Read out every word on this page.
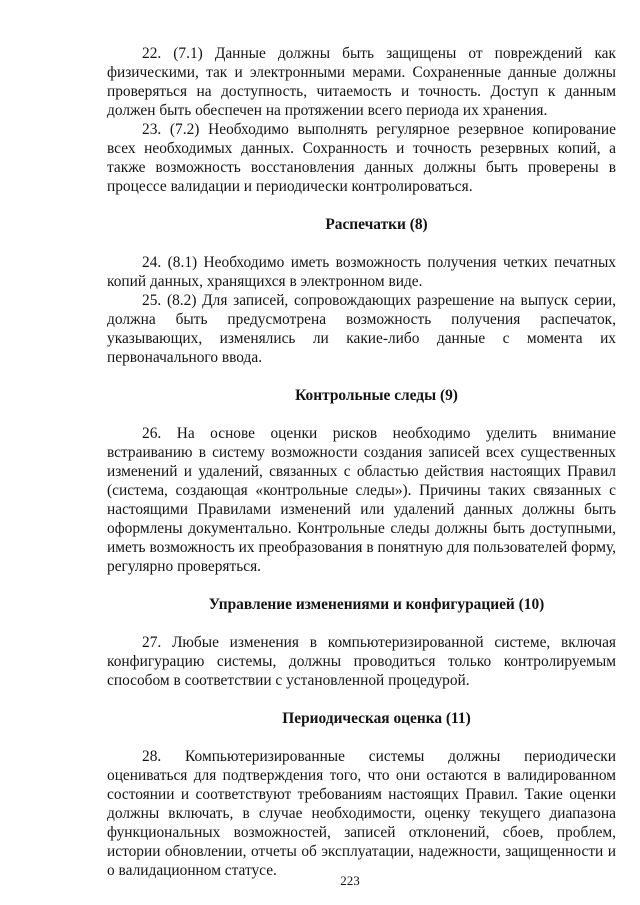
22. (7.1) Данные должны быть защищены от повреждений как физическими, так и электронными мерами. Сохраненные данные должны проверяться на доступность, читаемость и точность. Доступ к данным должен быть обеспечен на протяжении всего периода их хранения.

23. (7.2) Необходимо выполнять регулярное резервное копирование всех необходимых данных. Сохранность и точность резервных копий, а также возможность восстановления данных должны быть проверены в процессе валидации и периодически контролироваться.

Распечатки (8)

24. (8.1) Необходимо иметь возможность получения четких печатных копий данных, хранящихся в электронном виде.

25. (8.2) Для записей, сопровождающих разрешение на выпуск серии, должна быть предусмотрена возможность получения распечаток, указывающих, изменялись ли какие-либо данные с момента их первоначального ввода.

Контрольные следы (9)

26. На основе оценки рисков необходимо уделить внимание встраиванию в систему возможности создания записей всех существенных изменений и удалений, связанных с областью действия настоящих Правил (система, создающая «контрольные следы»). Причины таких связанных с настоящими Правилами изменений или удалений данных должны быть оформлены документально. Контрольные следы должны быть доступными, иметь возможность их преобразования в понятную для пользователей форму, регулярно проверяться.

Управление изменениями и конфигурацией (10)

27. Любые изменения в компьютеризированной системе, включая конфигурацию системы, должны проводиться только контролируемым способом в соответствии с установленной процедурой.

Периодическая оценка (11)

28. Компьютеризированные системы должны периодически оцениваться для подтверждения того, что они остаются в валидированном состоянии и соответствуют требованиям настоящих Правил. Такие оценки должны включать, в случае необходимости, оценку текущего диапазона функциональных возможностей, записей отклонений, сбоев, проблем, истории обновлении, отчеты об эксплуатации, надежности, защищенности и о валидационном статусе.

223
